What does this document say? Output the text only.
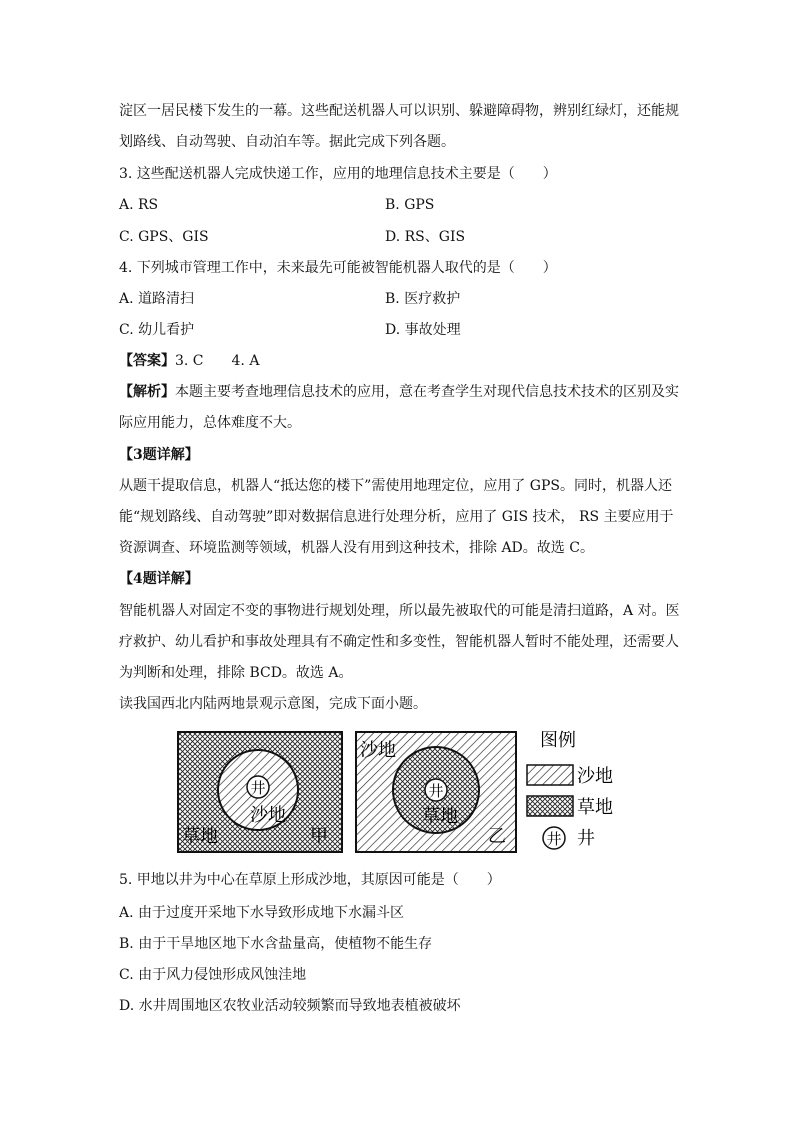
淀区一居民楼下发生的一幕。这些配送机器人可以识别、躲避障碍物，辨别红绿灯，还能规
划路线、自动驾驶、自动泊车等。据此完成下列各题。
3. 这些配送机器人完成快递工作，应用的地理信息技术主要是（　　）
A. RS	B. GPS
C. GPS、GIS	D. RS、GIS
4. 下列城市管理工作中，未来最先可能被智能机器人取代的是（　　）
A. 道路清扫	B. 医疗救护
C. 幼儿看护	D. 事故处理
【答案】3. C　　4. A
【解析】本题主要考查地理信息技术的应用，意在考查学生对现代信息技术技术的区别及实
际应用能力，总体难度不大。
【3题详解】
从题干提取信息，机器人“抵达您的楼下”需使用地理定位，应用了 GPS。同时，机器人还
能“规划路线、自动驾驶”即对数据信息进行处理分析，应用了 GIS 技术， RS 主要应用于
资源调查、环境监测等领域，机器人没有用到这种技术，排除 AD。故选 C。
【4题详解】
智能机器人对固定不变的事物进行规划处理，所以最先被取代的可能是清扫道路，A 对。医
疗救护、幼儿看护和事故处理具有不确定性和多变性，智能机器人暂时不能处理，还需要人
为判断和处理，排除 BCD。故选 A。
读我国西北内陆两地景观示意图，完成下面小题。
井
沙地
草地	甲
井
草地
沙地
乙
图例
沙地
草地
井 井
5. 甲地以井为中心在草原上形成沙地，其原因可能是（　　）
A. 由于过度开采地下水导致形成地下水漏斗区
B. 由于干旱地区地下水含盐量高，使植物不能生存
C. 由于风力侵蚀形成风蚀洼地
D. 水井周围地区农牧业活动较频繁而导致地表植被破坏
